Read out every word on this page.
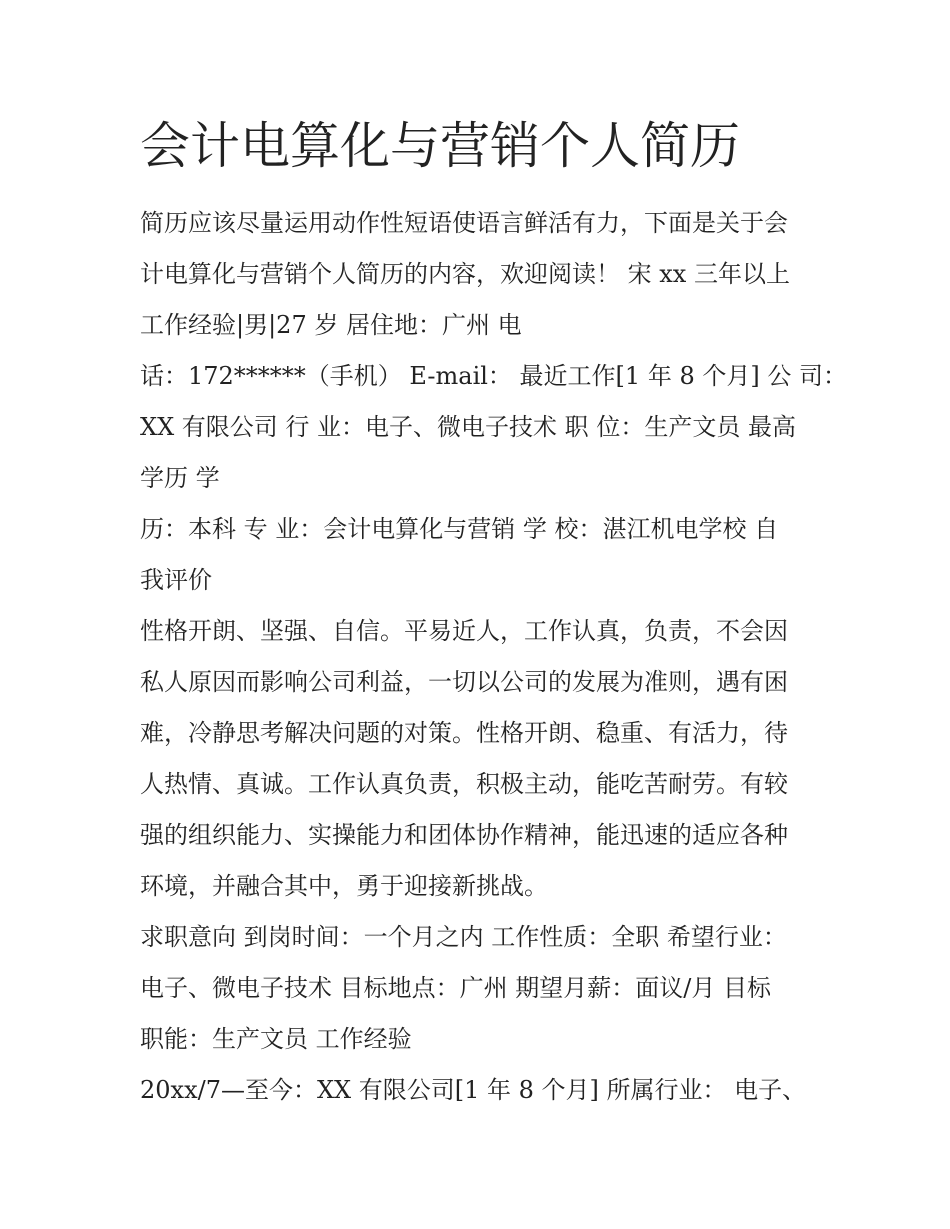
会计电算化与营销个人简历
简历应该尽量运用动作性短语使语言鲜活有力，下面是关于会
计电算化与营销个人简历的内容，欢迎阅读！ 宋 xx 三年以上
工作经验|男|27 岁 居住地：广州 电
话：172******（手机） E-mail： 最近工作[1 年 8 个月] 公 司：
XX 有限公司 行 业：电子、微电子技术 职 位：生产文员 最高
学历 学
历：本科 专 业：会计电算化与营销 学 校：湛江机电学校 自
我评价
性格开朗、坚强、自信。平易近人，工作认真，负责，不会因
私人原因而影响公司利益，一切以公司的发展为准则，遇有困
难，冷静思考解决问题的对策。性格开朗、稳重、有活力，待
人热情、真诚。工作认真负责，积极主动，能吃苦耐劳。有较
强的组织能力、实操能力和团体协作精神，能迅速的适应各种
环境，并融合其中，勇于迎接新挑战。
求职意向 到岗时间：一个月之内 工作性质：全职 希望行业：
电子、微电子技术 目标地点：广州 期望月薪：面议/月 目标
职能：生产文员 工作经验
20xx/7—至今：XX 有限公司[1 年 8 个月] 所属行业： 电子、
